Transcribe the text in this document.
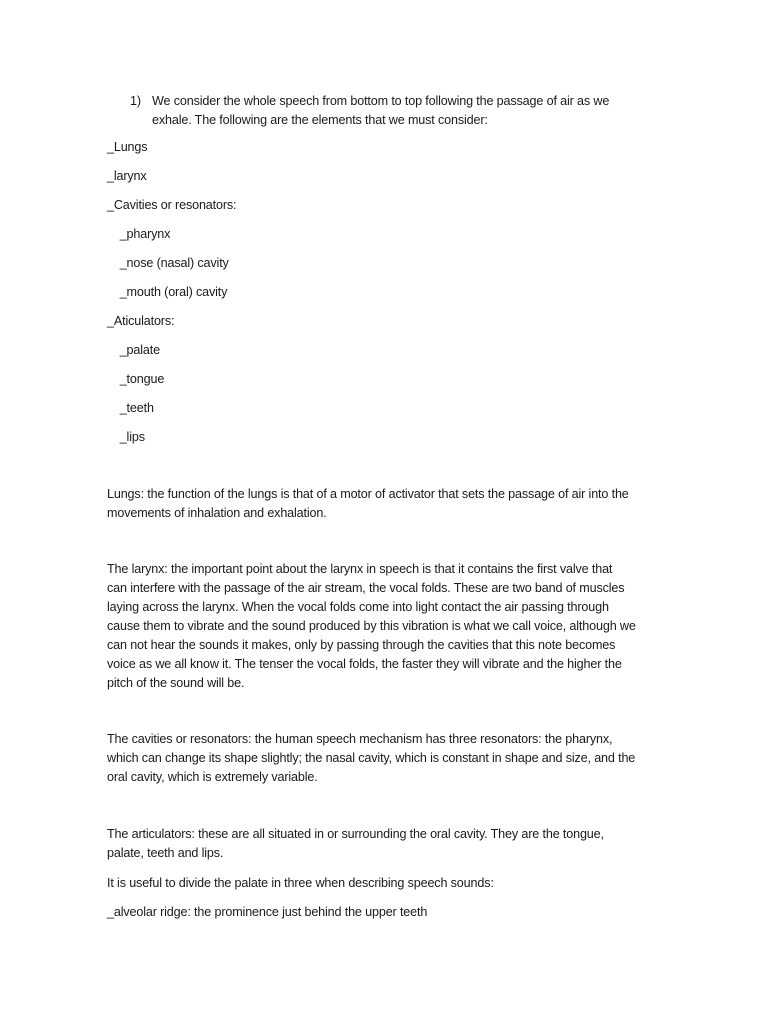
1) We consider the whole speech from bottom to top following the passage of air as we
exhale. The following are the elements that we must consider:

_Lungs

_larynx

_Cavities or resonators:

_pharynx

_nose (nasal) cavity

_mouth (oral) cavity

_Aticulators:

_palate

_tongue

_teeth

_lips

Lungs: the function of the lungs is that of a motor of activator that sets the passage of air into the
movements of inhalation and exhalation.
The larynx: the important point about the larynx in speech is that it contains the first valve that
can interfere with the passage of the air stream, the vocal folds. These are two band of muscles
laying across the larynx. When the vocal folds come into light contact the air passing through
cause them to vibrate and the sound produced by this vibration is what we call voice, although we
can not hear the sounds it makes, only by passing through the cavities that this note becomes
voice as we all know it. The tenser the vocal folds, the faster they will vibrate and the higher the
pitch of the sound will be.
The cavities or resonators: the human speech mechanism has three resonators: the pharynx,
which can change its shape slightly; the nasal cavity, which is constant in shape and size, and the
oral cavity, which is extremely variable.
The articulators: these are all situated in or surrounding the oral cavity. They are the tongue,
palate, teeth and lips.
It is useful to divide the palate in three when describing speech sounds:
_alveolar ridge: the prominence just behind the upper teeth
